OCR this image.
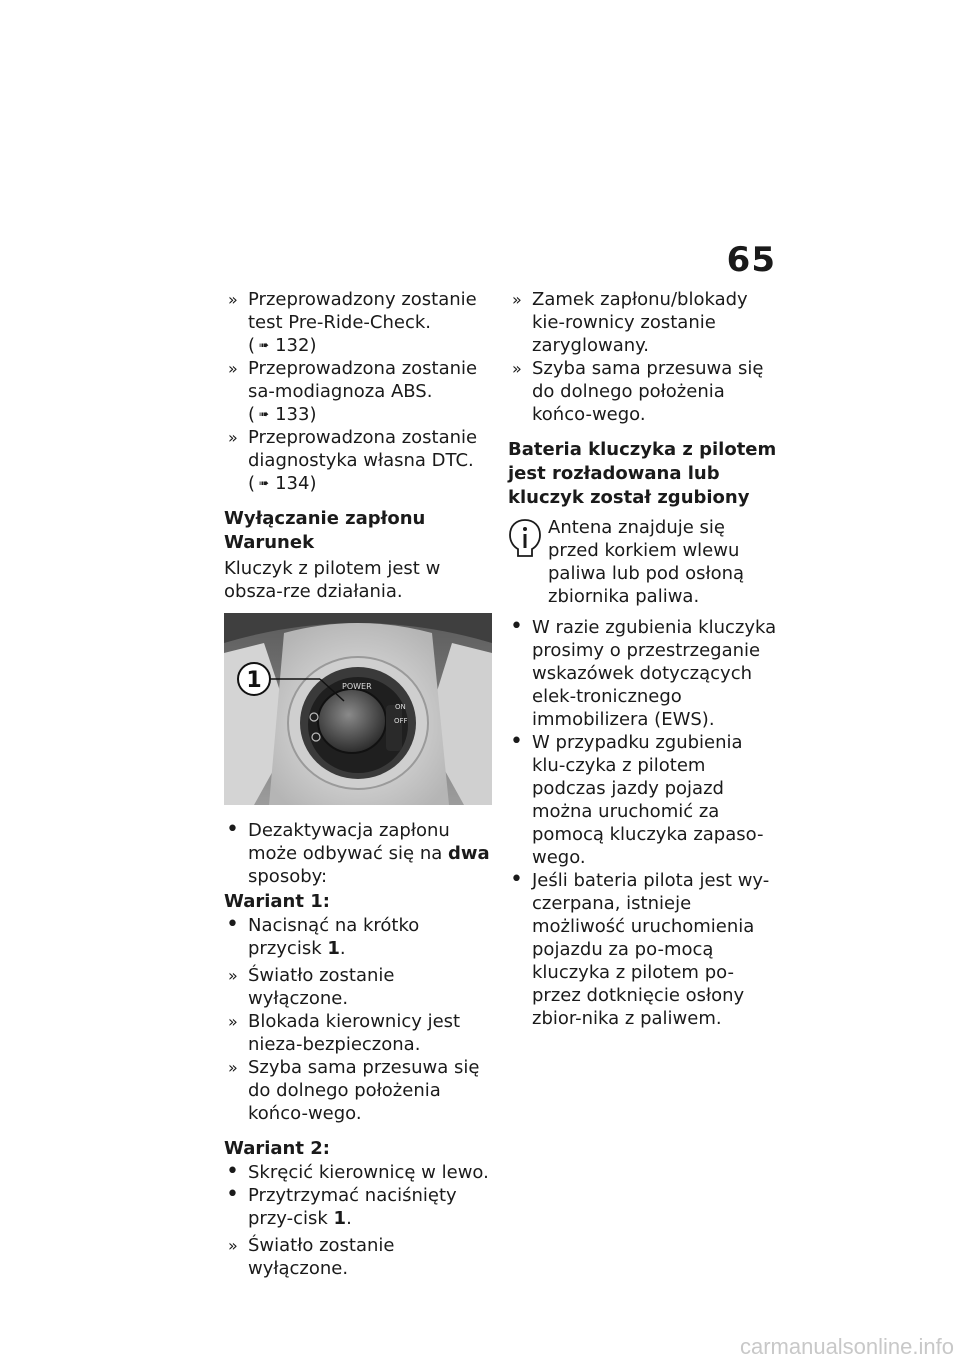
65
» Przeprowadzony zostanie test Pre-Ride-Check. ( ➠ 132)
» Przeprowadzona zostanie sa-modiagnoza ABS. ( ➠ 133)
» Przeprowadzona zostanie diagnostyka własna DTC. ( ➠ 134)
Wyłączanie zapłonu
Warunek
Kluczyk z pilotem jest w obsza-rze działania.
POWER
ON
OFF
1
• Dezaktywacja zapłonu może odbywać się na dwa sposoby:
Wariant 1:
• Nacisnąć na krótko przycisk 1.
» Światło zostanie wyłączone.
» Blokada kierownicy jest nieza-bezpieczona.
» Szyba sama przesuwa się do dolnego położenia końco-wego.
Wariant 2:
• Skręcić kierownicę w lewo.
• Przytrzymać naciśnięty przy-cisk 1.
» Światło zostanie wyłączone.
» Zamek zapłonu/blokady kie-rownicy zostanie zaryglowany.
» Szyba sama przesuwa się do dolnego położenia końco-wego.
Bateria kluczyka z pilotem jest rozładowana lub kluczyk został zgubiony
Antena znajduje się przed korkiem wlewu paliwa lub pod osłoną zbiornika paliwa.
• W razie zgubienia kluczyka prosimy o przestrzeganie wskazówek dotyczących elek-tronicznego immobilizera (EWS).
• W przypadku zgubienia klu-czyka z pilotem podczas jazdy pojazd można uruchomić za pomocą kluczyka zapaso-wego.
• Jeśli bateria pilota jest wy-czerpana, istnieje możliwość uruchomienia pojazdu za po-mocą kluczyka z pilotem po-przez dotknięcie osłony zbior-nika z paliwem.
carmanualsonline.info
